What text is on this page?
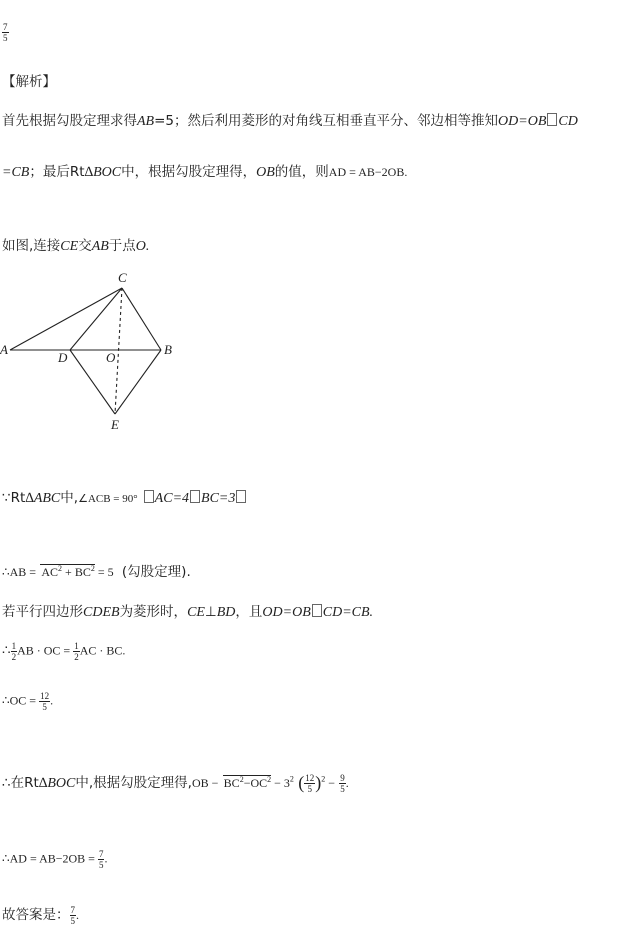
$\frac{7}{5}$
【解析】
首先根据勾股定理求得AB=5；然后利用菱形的对角线互相垂直平分、邻边相等推知OD=OB CD
=CB；最后Rt∆BOC中，根据勾股定理得，OB的值，则AD = AB−2OB.
如图,连接CE交AB于点O.
A	B
C
D
E
O
∵Rt∆ABC中,∠ACB = 90° AC=4 BC=3
∴AB = $AC^2 + BC^2 = 5$ (勾股定理).
若平行四边形CDEB为菱形时，CE⊥BD，且OD=OB CD=CB.
∴ $\frac{1}{2}$ AB · OC = $\frac{1}{2}$ AC · BC.
∴OC = $\frac{12}{5}$ .
∴在Rt∆BOC中,根据勾股定理得$,OB - BC^2-OC^2 - 3^2$ ( $\frac{12}{5} )^2 - \frac{9}{5}$ .
∴AD = $AB-2OB = \frac{7}{5}$ .
故答案是： $\frac{7}{5}$ .
